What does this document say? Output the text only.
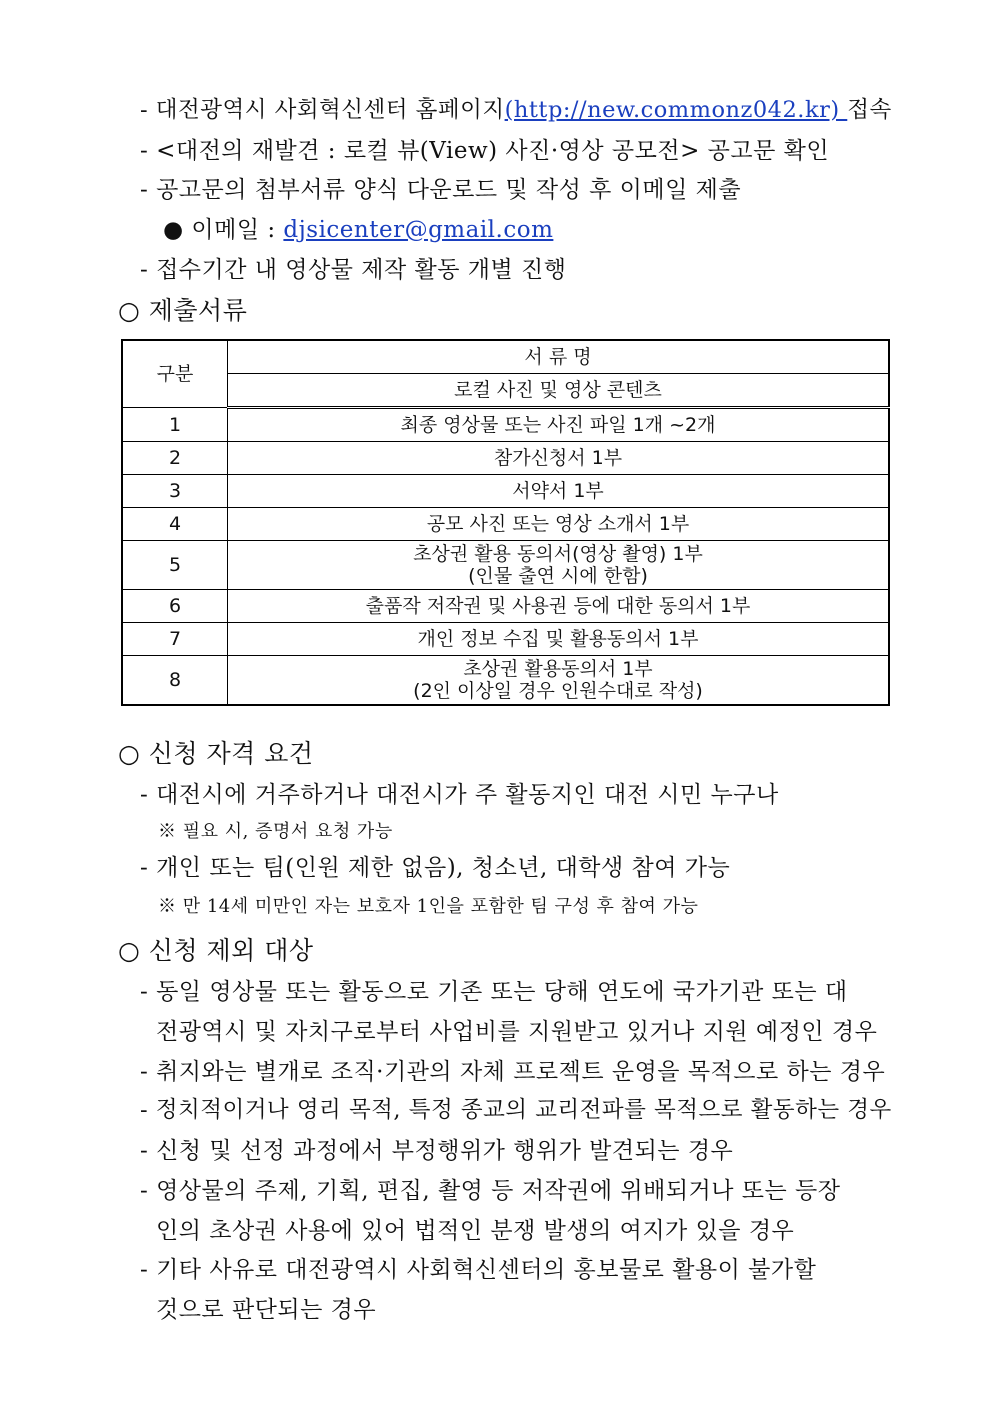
- 대전광역시 사회혁신센터 홈페이지(http://new.commonz042.kr) 접속
- <대전의 재발견 : 로컬 뷰(View) 사진·영상 공모전> 공고문 확인
- 공고문의 첨부서류 양식 다운로드 및 작성 후 이메일 제출
● 이메일 : djsicenter@gmail.com
- 접수기간 내 영상물 제작 활동 개별 진행
○ 제출서류
구분	서 류 명
	로컬 사진 및 영상 콘텐츠
1	최종 영상물 또는 사진 파일 1개 ~2개
2	참가신청서 1부
3	서약서 1부
4	공모 사진 또는 영상 소개서 1부
5	초상권 활용 동의서(영상 촬영) 1부
(인물 출연 시에 한함)

6	출품작 저작권 및 사용권 등에 대한 동의서 1부
7	개인 정보 수집 및 활용동의서 1부
8	초상권 활용동의서 1부
(2인 이상일 경우 인원수대로 작성)
○ 신청 자격 요건
- 대전시에 거주하거나 대전시가 주 활동지인 대전 시민 누구나
※ 필요 시, 증명서 요청 가능
- 개인 또는 팀(인원 제한 없음), 청소년, 대학생 참여 가능
※ 만 14세 미만인 자는 보호자 1인을 포함한 팀 구성 후 참여 가능
○ 신청 제외 대상
- 동일 영상물 또는 활동으로 기존 또는 당해 연도에 국가기관 또는 대
전광역시 및 자치구로부터 사업비를 지원받고 있거나 지원 예정인 경우
- 취지와는 별개로 조직·기관의 자체 프로젝트 운영을 목적으로 하는 경우
- 정치적이거나 영리 목적, 특정 종교의 교리전파를 목적으로 활동하는 경우
- 신청 및 선정 과정에서 부정행위가 행위가 발견되는 경우
- 영상물의 주제, 기획, 편집, 촬영 등 저작권에 위배되거나 또는 등장
인의 초상권 사용에 있어 법적인 분쟁 발생의 여지가 있을 경우
- 기타 사유로 대전광역시 사회혁신센터의 홍보물로 활용이 불가할
것으로 판단되는 경우
